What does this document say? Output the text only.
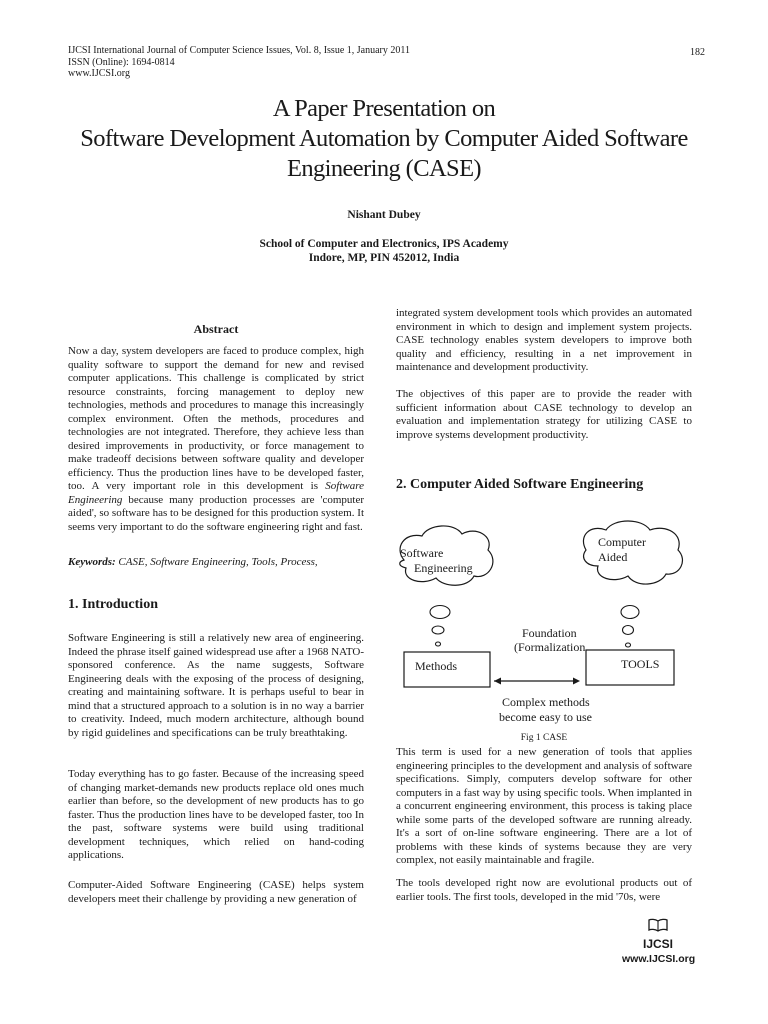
IJCSI International Journal of Computer Science Issues, Vol. 8, Issue 1, January 2011
ISSN (Online): 1694-0814
www.IJCSI.org
182
A Paper Presentation on
Software Development Automation by Computer Aided Software
Engineering (CASE)
Nishant Dubey
School of Computer and Electronics, IPS Academy
Indore, MP, PIN 452012, India
Abstract

Now a day, system developers are faced to produce complex, high quality software to support the demand for new and revised computer applications. This challenge is complicated by strict resource constraints, forcing management to deploy new technologies, methods and procedures to manage this increasingly complex environment. Often the methods, procedures and technologies are not integrated. Therefore, they achieve less than desired improvements in productivity, or force management to make tradeoff decisions between software quality and developer efficiency. Thus the production lines have to be developed faster, too. A very important role in this development is Software Engineering because many production processes are 'computer aided', so software has to be designed for this production system. It seems very important to do the software engineering right and fast.

Keywords: CASE, Software Engineering, Tools, Process,
1. Introduction

Software Engineering is still a relatively new area of engineering. Indeed the phrase itself gained widespread use after a 1968 NATO-sponsored conference. As the name suggests, Software Engineering deals with the exposing of the process of designing, creating and maintaining software. It is perhaps useful to bear in mind that a structured approach to a solution is in no way a barrier to creativity. Indeed, much modern architecture, although bound by rigid guidelines and specifications can be truly breathtaking.

Today everything has to go faster. Because of the increasing speed of changing market-demands new products replace old ones much earlier than before, so the development of new products has to go faster. Thus the production lines have to be developed faster, too In the past, software systems were build using traditional development techniques, which relied on hand-coding applications.

Computer-Aided Software Engineering (CASE) helps system developers meet their challenge by providing a new generation of

integrated system development tools which provides an automated environment in which to design and implement system projects. CASE technology enables system developers to improve both quality and efficiency, resulting in a net improvement in maintenance and development productivity.

The objectives of this paper are to provide the reader with sufficient information about CASE technology to develop an evaluation and implementation strategy for utilizing CASE to improve systems development productivity.

2. Computer Aided Software Engineering
Software
Engineering
Computer
Aided
Foundation
(Formalization
Methods	TOOLS
Complex methods
become easy to use
Fig 1 CASE

This term is used for a new generation of tools that applies engineering principles to the development and analysis of software specifications. Simply, computers develop software for other computers in a fast way by using specific tools. When implanted in a concurrent engineering environment, this process is taking place while some parts of the developed software are running already. It's a sort of on-line software engineering. There are a lot of problems with these kinds of systems because they are very complex, not easily maintainable and fragile.

The tools developed right now are evolutional products out of earlier tools. The first tools, developed in the mid '70s, were

IJCSI
www.IJCSI.org
